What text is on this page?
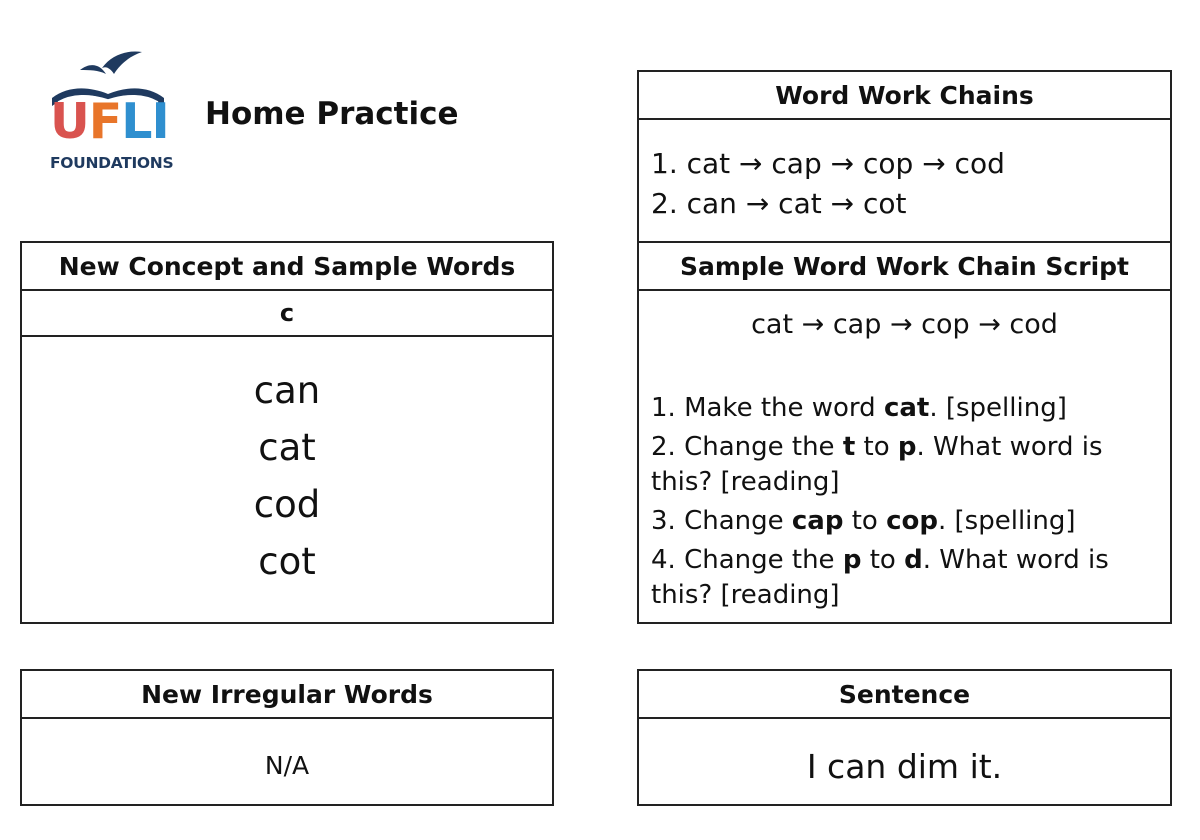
UFLI
FOUNDATIONS
Home Practice
New Concept and Sample Words
c
can
cat
cod
cot
New Irregular Words
N/A
Word Work Chains
1. cat → cap → cop → cod
2. can → cat → cot
Sample Word Work Chain Script
cat → cap → cop → cod
1. Make the word cat. [spelling]
2. Change the t to p. What word is this? [reading]
3. Change cap to cop. [spelling]
4. Change the p to d. What word is this? [reading]
Sentence
I can dim it.
